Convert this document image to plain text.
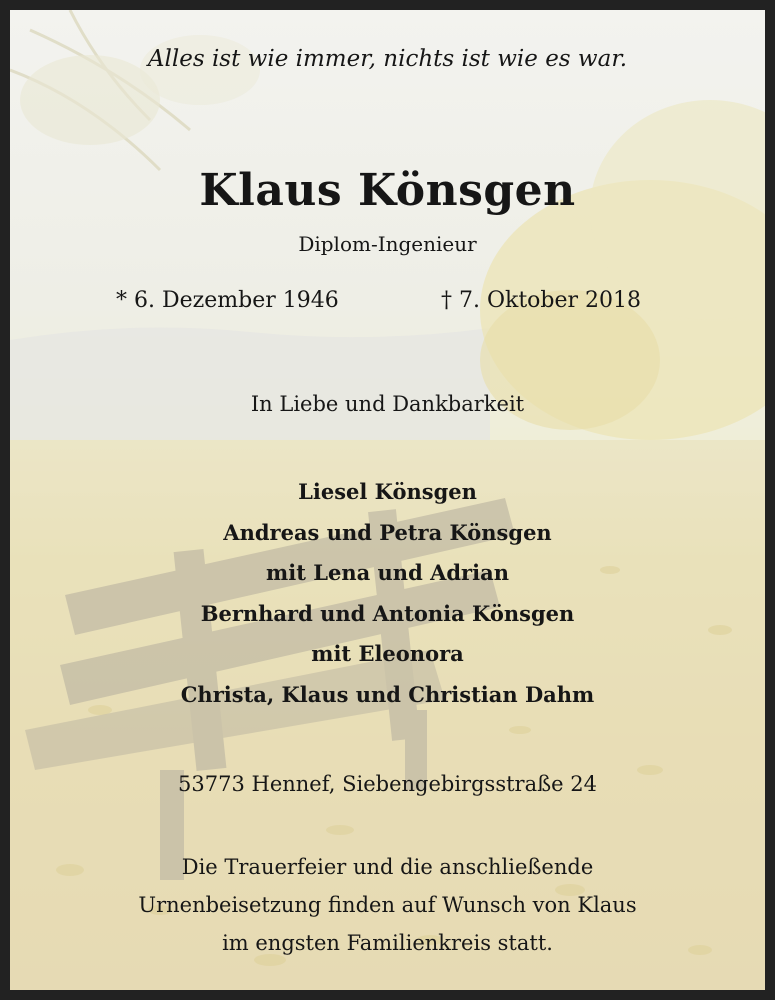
Alles ist wie immer, nichts ist wie es war.
Klaus Könsgen
Diplom-Ingenieur
* 6. Dezember 1946	† 7. Oktober 2018
In Liebe und Dankbarkeit
Liesel Könsgen
Andreas und Petra Könsgen
mit Lena und Adrian
Bernhard und Antonia Könsgen
mit Eleonora
Christa, Klaus und Christian Dahm
53773 Hennef, Siebengebirgsstraße 24
Die Trauerfeier und die anschließende
Urnenbeisetzung finden auf Wunsch von Klaus
im engsten Familienkreis statt.
